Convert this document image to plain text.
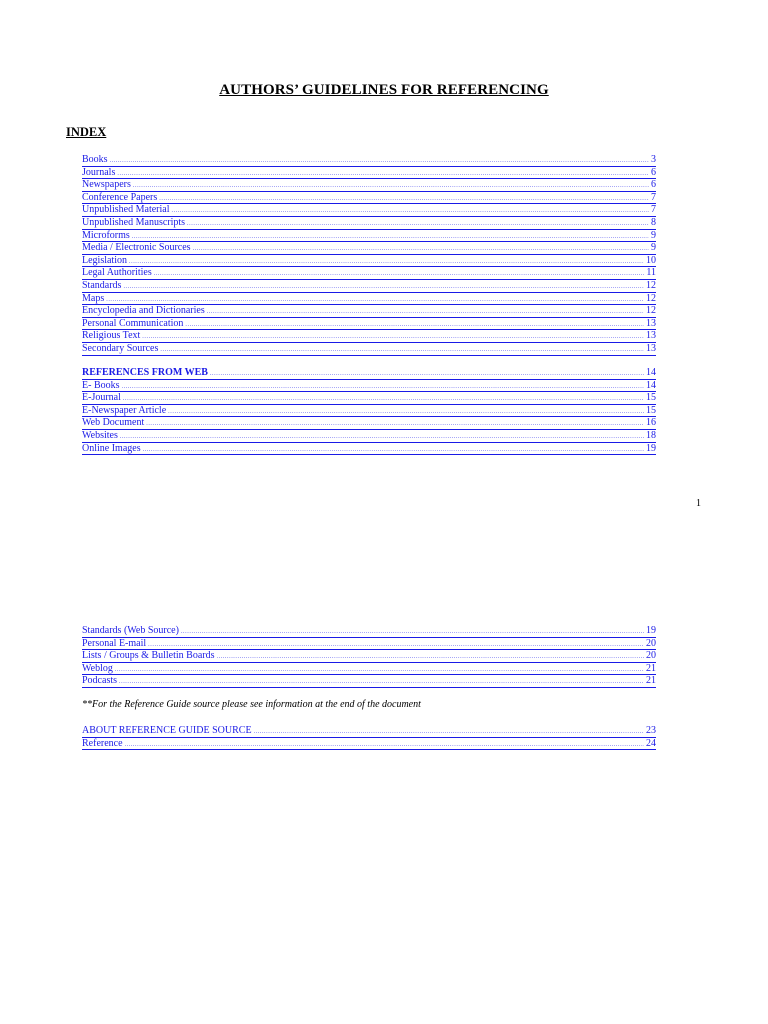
AUTHORS’ GUIDELINES FOR REFERENCING
INDEX
Books .....	3
Journals .....	6
Newspapers .....	6
Conference Papers .....	7
Unpublished Material .....	7
Unpublished Manuscripts .....	8
Microforms .....	9
Media / Electronic Sources .....	9
Legislation .....	10
Legal Authorities .....	11
Standards .....	12
Maps .....	12
Encyclopedia and Dictionaries .....	12
Personal Communication .....	13
Religious Text .....	13
Secondary Sources .....	13
REFERENCES FROM WEB .....	14
E- Books .....	14
E-Journal .....	15
E-Newspaper Article .....	15
Web Document .....	16
Websites .....	18
Online Images .....	19
1
Standards (Web Source) .....	19
Personal E-mail .....	20
Lists / Groups & Bulletin Boards .....	20
Weblog .....	21
Podcasts .....	21
**For the Reference Guide source please see information at the end of the document
ABOUT REFERENCE GUIDE SOURCE .....	23
Reference .....	24
